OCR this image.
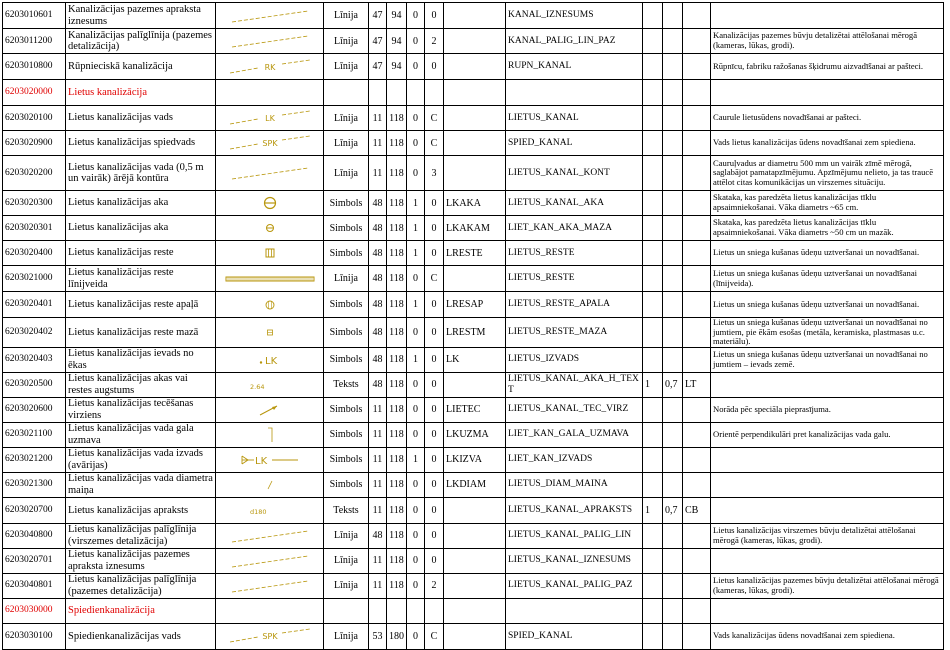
6203010601	Kanalizācijas pazemes apraksta iznesums		Līnija	47	94	0	0		KANAL_IZNESUMS				
6203011200	Kanalizācijas palīglīnija (pazemes detalizācija)		Līnija	47	94	0	2		KANAL_PALIG_LIN_PAZ				Kanalizācijas pazemes būvju detalizētai attēlošanai mērogā (kameras, lūkas, grodi).
6203010800	Rūpnieciskā kanalizācija	RK	Līnija	47	94	0	0		RUPN_KANAL				Rūpnīcu, fabriku ražošanas šķidrumu aizvadīšanai ar pašteci.
6203020000	Lietus kanalizācija												
6203020100	Lietus kanalizācijas vads	LK	Līnija	11	118	0	C		LIETUS_KANAL				Caurule lietusūdens novadīšanai ar pašteci.
6203020900	Lietus kanalizācijas spiedvads	SPK	Līnija	11	118	0	C		SPIED_KANAL				Vads lietus kanalizācijas ūdens novadīšanai zem spiediena.
6203020200	Lietus kanalizācijas vada (0,5 m un vairāk) ārējā kontūra		Līnija	11	118	0	3		LIETUS_KANAL_KONT				Cauruļvadus ar diametru 500 mm un vairāk zīmē mērogā, saglabājot pamatapzīmējumu. Apzīmējumu nelieto, ja tas traucē attēlot citas komunikācijas un virszemes situāciju.
6203020300	Lietus kanalizācijas aka		Simbols	48	118	1	0	LKAKA	LIETUS_KANAL_AKA				Skataka, kas paredzēta lietus kanalizācijas tīklu apsaimniekošanai. Vāka diametrs ~65 cm.
6203020301	Lietus kanalizācijas aka		Simbols	48	118	1	0	LKAKAM	LIET_KAN_AKA_MAZA				Skataka, kas paredzēta lietus kanalizācijas tīklu apsaimniekošanai. Vāka diametrs ~50 cm un mazāk.
6203020400	Lietus kanalizācijas reste		Simbols	48	118	1	0	LRESTE	LIETUS_RESTE				Lietus un sniega kušanas ūdeņu uztveršanai un novadīšanai.
6203021000	Lietus kanalizācijas reste līnijveida		Līnija	48	118	0	C		LIETUS_RESTE				Lietus un sniega kušanas ūdeņu uztveršanai un novadīšanai (līnijveida).
6203020401	Lietus kanalizācijas reste apaļā		Simbols	48	118	1	0	LRESAP	LIETUS_RESTE_APALA				Lietus un sniega kušanas ūdeņu uztveršanai un novadīšanai.
6203020402	Lietus kanalizācijas reste mazā		Simbols	48	118	0	0	LRESTM	LIETUS_RESTE_MAZA				Lietus un sniega kušanas ūdeņu uztveršanai un novadīšanai no jumtiem, pie ēkām esošas (metāla, keramiska, plastmasas u.c. materiālu).
6203020403	Lietus kanalizācijas ievads no ēkas	LK	Simbols	48	118	1	0	LK	LIETUS_IZVADS				Lietus un sniega kušanas ūdeņu uztveršanai un novadīšanai no jumtiem – ievads zemē.
6203020500	Lietus kanalizācijas akas vai restes augstums	2.64	Teksts	48	118	0	0		LIETUS_KANAL_AKA_H_TEXT	1	0,7	LT	
6203020600	Lietus kanalizācijas tecēšanas virziens		Simbols	11	118	0	0	LIETEC	LIETUS_KANAL_TEC_VIRZ				Norāda pēc speciāla pieprasījuma.
6203021100	Lietus kanalizācijas vada gala uzmava		Simbols	11	118	0	0	LKUZMA	LIET_KAN_GALA_UZMAVA				Orientē perpendikulāri pret kanalizācijas vada galu.
6203021200	Lietus kanalizācijas vada izvads (avārijas)	LK	Simbols	11	118	1	0	LKIZVA	LIET_KAN_IZVADS				
6203021300	Lietus kanalizācijas vada diametra maiņa		Simbols	11	118	0	0	LKDIAM	LIETUS_DIAM_MAINA				
6203020700	Lietus kanalizācijas apraksts	d180	Teksts	11	118	0	0		LIETUS_KANAL_APRAKSTS	1	0,7	CB	
6203040800	Lietus kanalizācijas palīglīnija (virszemes detalizācija)		Līnija	48	118	0	0		LIETUS_KANAL_PALIG_LIN				Lietus kanalizācijas virszemes būvju detalizētai attēlošanai mērogā (kameras, lūkas, grodi).
6203020701	Lietus kanalizācijas pazemes apraksta iznesums		Līnija	11	118	0	0		LIETUS_KANAL_IZNESUMS				
6203040801	Lietus kanalizācijas palīglīnija (pazemes detalizācija)		Līnija	11	118	0	2		LIETUS_KANAL_PALIG_PAZ				Lietus kanalizācijas pazemes būvju detalizētai attēlošanai mērogā (kameras, lūkas, grodi).
6203030000	Spiedienkanalizācija												
6203030100	Spiedienkanalizācijas vads	SPK	Līnija	53	180	0	C		SPIED_KANAL				Vads kanalizācijas ūdens novadīšanai zem spiediena.
